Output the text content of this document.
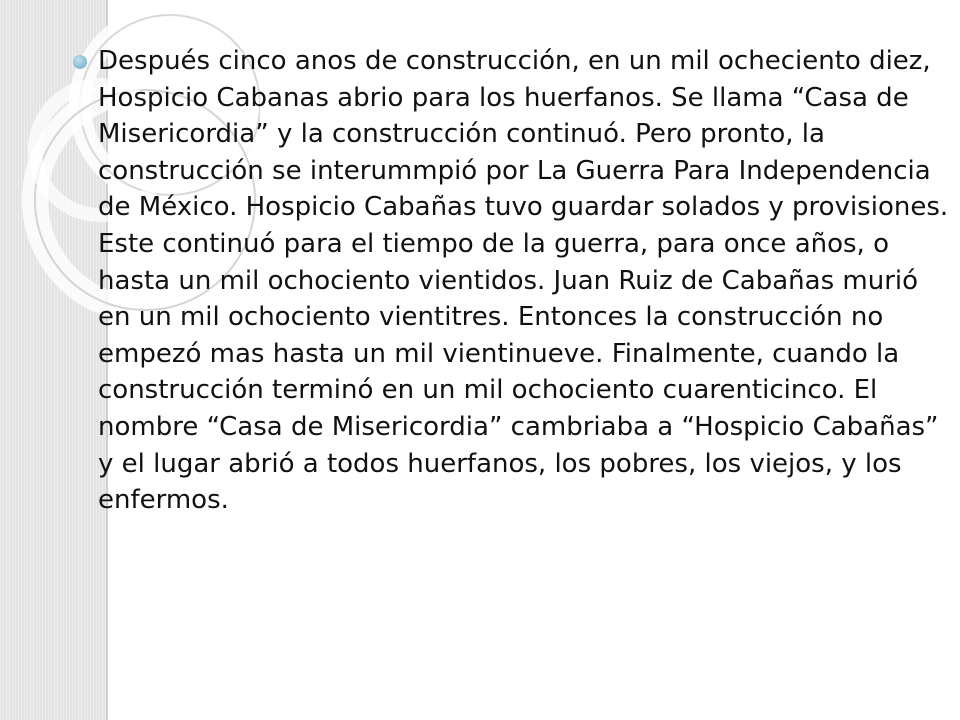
Después cinco anos de construcción, en un mil ocheciento diez, Hospicio Cabanas abrio para los huerfanos. Se llama “Casa de Misericordia” y la construcción continuó. Pero pronto, la construcción se interummpió por La Guerra Para Independencia de México. Hospicio Cabañas tuvo guardar solados y provisiones. Este continuó para el tiempo de la guerra, para once años, o hasta un mil ochociento vientidos. Juan Ruiz de Cabañas murió en un mil ochociento vientitres. Entonces la construcción no empezó mas hasta un mil vientinueve. Finalmente, cuando la construcción terminó en un mil ochociento cuarenticinco. El nombre “Casa de Misericordia” cambriaba a “Hospicio Cabañas” y el lugar abrió a todos huerfanos, los pobres, los viejos, y los enfermos.
